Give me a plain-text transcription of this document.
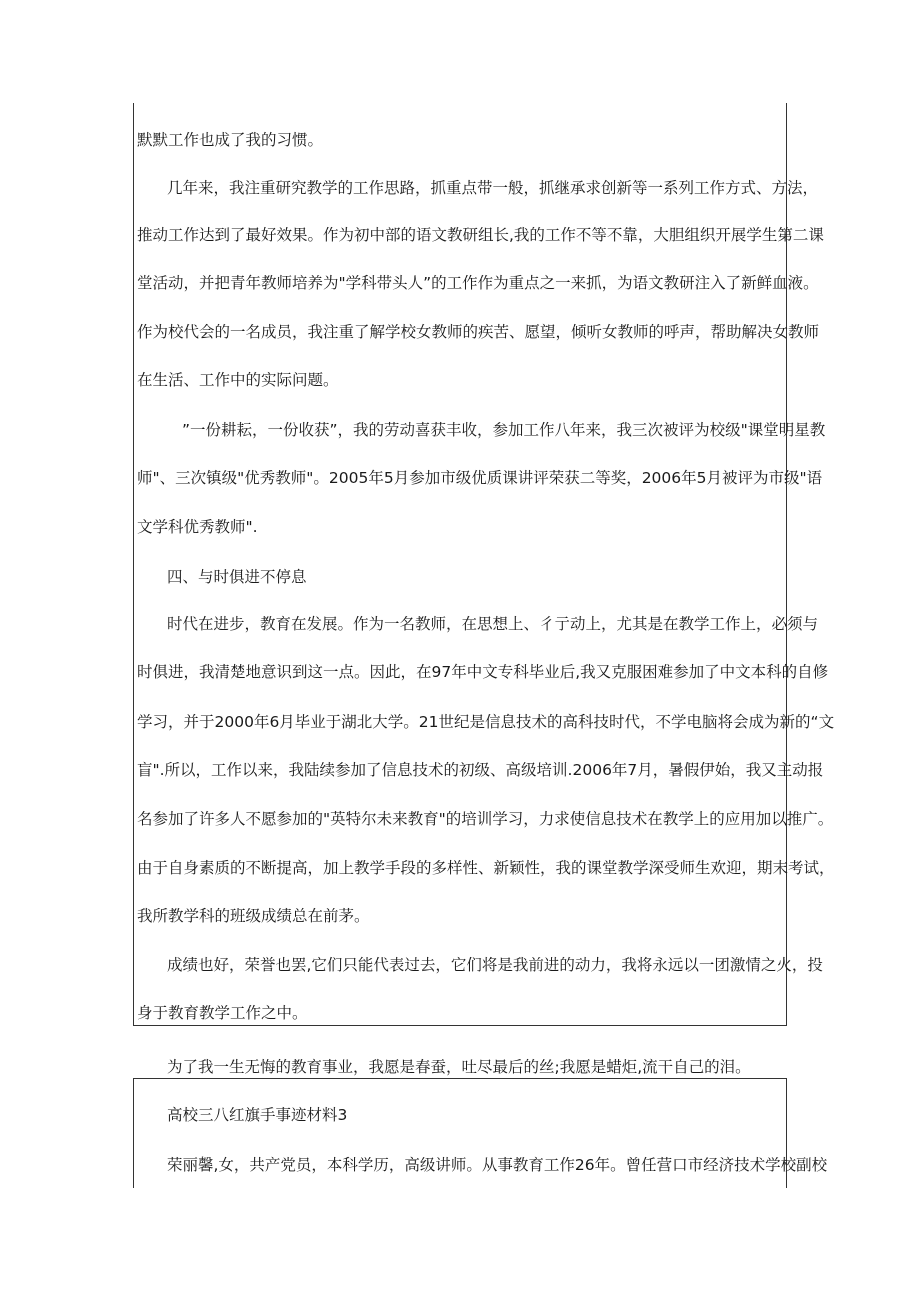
默默工作也成了我的习惯。
几年来，我注重研究教学的工作思路，抓重点带一般，抓继承求创新等一系列工作方式、方法，
推动工作达到了最好效果。作为初中部的语文教研组长,我的工作不等不靠，大胆组织开展学生第二课
堂活动，并把青年教师培养为"学科带头人”的工作作为重点之一来抓，为语文教研注入了新鲜血液。
作为校代会的一名成员，我注重了解学校女教师的疾苦、愿望，倾听女教师的呼声，帮助解决女教师
在生活、工作中的实际问题。
”一份耕耘，一份收获”，我的劳动喜获丰收，参加工作八年来，我三次被评为校级"课堂明星教
师"、三次镇级"优秀教师"。2005年5月参加市级优质课讲评荣获二等奖，2006年5月被评为市级"语
文学科优秀教师".
四、与时俱进不停息
时代在进步，教育在发展。作为一名教师，在思想上、彳亍动上，尤其是在教学工作上，必须与
时俱进，我清楚地意识到这一点。因此，在97年中文专科毕业后,我又克服困难参加了中文本科的自修
学习，并于2000年6月毕业于湖北大学。21世纪是信息技术的高科技时代，不学电脑将会成为新的“文
盲".所以，工作以来，我陆续参加了信息技术的初级、高级培训.2006年7月，暑假伊始，我又主动报
名参加了许多人不愿参加的"英特尔未来教育"的培训学习，力求使信息技术在教学上的应用加以推广。
由于自身素质的不断提高，加上教学手段的多样性、新颖性，我的课堂教学深受师生欢迎，期末考试，
我所教学科的班级成绩总在前茅。
成绩也好，荣誉也罢,它们只能代表过去，它们将是我前进的动力，我将永远以一团激情之火，投
身于教育教学工作之中。
为了我一生无悔的教育事业，我愿是春蚕，吐尽最后的丝;我愿是蜡炬,流干自己的泪。
高校三八红旗手事迹材料3
荣丽馨,女，共产党员，本科学历，高级讲师。从事教育工作26年。曾任营口市经济技术学校副校
